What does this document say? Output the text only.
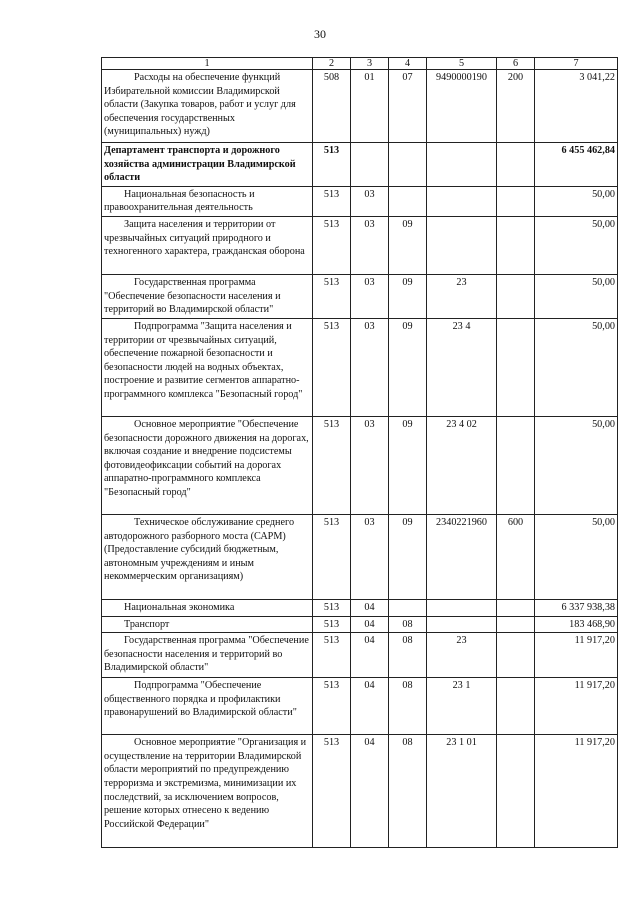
30
1	2	3	4	5	6	7
Расходы на обеспечение функций Избирательной комиссии Владимирской области (Закупка товаров, работ и услуг для обеспечения государственных (муниципальных) нужд)	508	01	07	9490000190	200	3 041,22
Департамент транспорта и дорожного хозяйства администрации Владимирской области	513					6 455 462,84
Национальная безопасность и правоохранительная деятельность	513	03				50,00
Защита населения и территории от чрезвычайных ситуаций природного и техногенного характера, гражданская оборона	513	03	09			50,00
Государственная программа "Обеспечение безопасности населения и территорий во Владимирской области"	513	03	09	23		50,00
Подпрограмма "Защита населения и территории от чрезвычайных ситуаций, обеспечение пожарной безопасности и безопасности людей на водных объектах, построение и развитие сегментов аппаратно-программного комплекса "Безопасный город"	513	03	09	23 4		50,00
Основное мероприятие "Обеспечение безопасности дорожного движения на дорогах, включая создание и внедрение подсистемы фотовидеофиксации событий на дорогах аппаратно-программного комплекса "Безопасный город"	513	03	09	23 4 02		50,00
Техническое обслуживание среднего автодорожного разборного моста (САРМ) (Предоставление субсидий бюджетным, автономным учреждениям и иным некоммерческим организациям)	513	03	09	2340221960	600	50,00
Национальная экономика	513	04				6 337 938,38
Транспорт	513	04	08			183 468,90
Государственная программа "Обеспечение безопасности населения и территорий во Владимирской области"	513	04	08	23		11 917,20
Подпрограмма "Обеспечение общественного порядка и профилактики правонарушений во Владимирской области"	513	04	08	23 1		11 917,20
Основное мероприятие "Организация и осуществление на территории Владимирской области мероприятий по предупреждению терроризма и экстремизма, минимизации их последствий, за исключением вопросов, решение которых отнесено к ведению Российской Федерации"	513	04	08	23 1 01		11 917,20
